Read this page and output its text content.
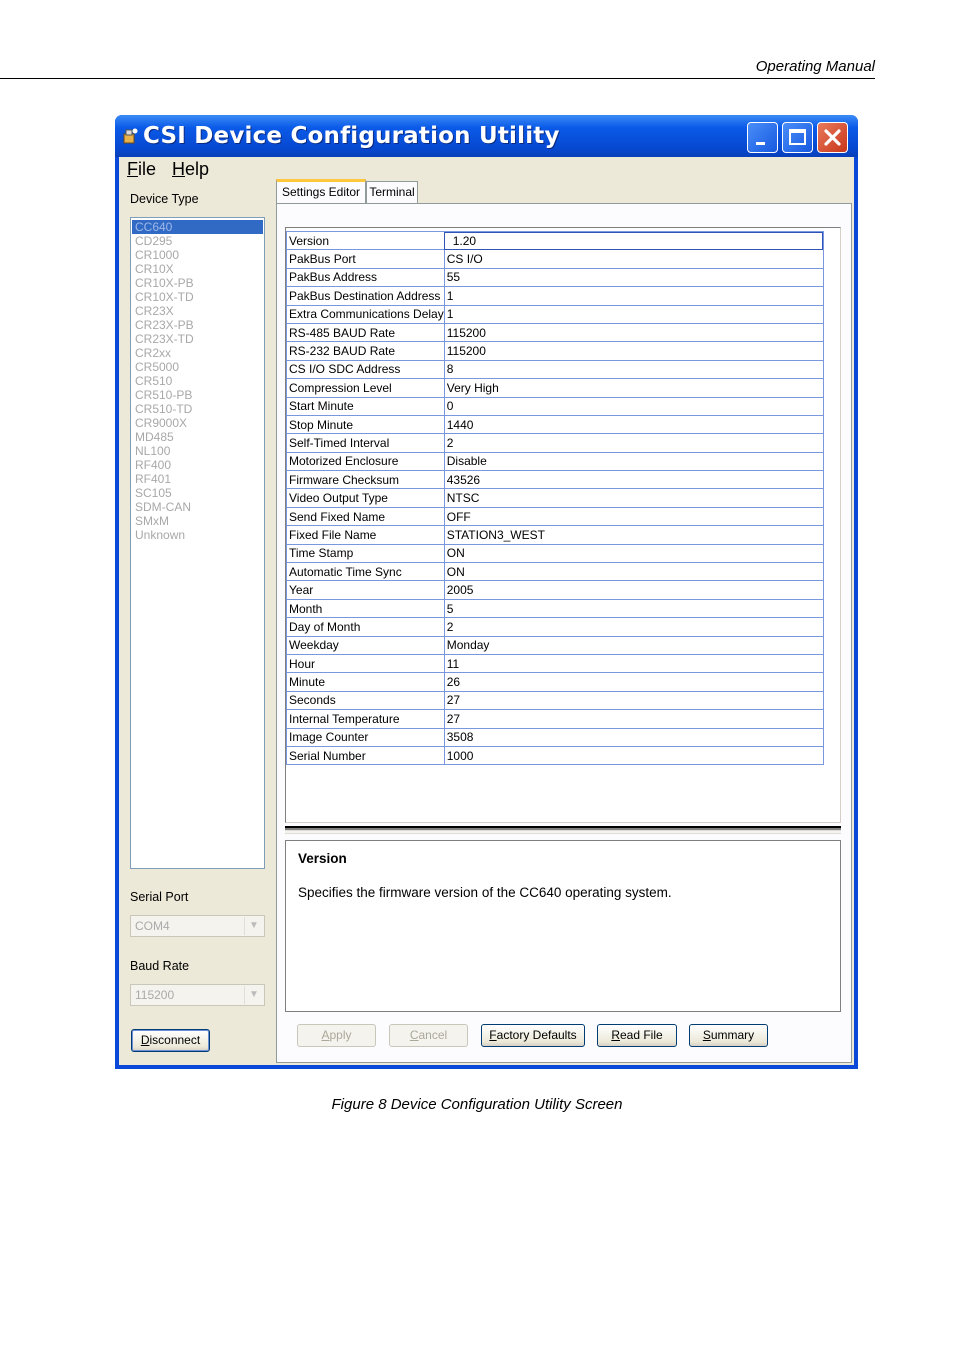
Operating Manual
CSI Device Configuration Utility
File Help
Device Type
CC640
CD295
CR1000
CR10X
CR10X-PB
CR10X-TD
CR23X
CR23X-PB
CR23X-TD
CR2xx
CR5000
CR510
CR510-PB
CR510-TD
CR9000X
MD485
NL100
RF400
RF401
SC105
SDM-CAN
SMxM
Unknown
Serial Port
COM4	▼
Baud Rate
115200	▼
Disconnect
Settings Editor Terminal
Version	1.20
PakBus Port	CS I/O
PakBus Address	55
PakBus Destination Address	1
Extra Communications Delay	1
RS-485 BAUD Rate	115200
RS-232 BAUD Rate	115200
CS I/O SDC Address	8
Compression Level	Very High
Start Minute	0
Stop Minute	1440
Self-Timed Interval	2
Motorized Enclosure	Disable
Firmware Checksum	43526
Video Output Type	NTSC
Send Fixed Name	OFF
Fixed File Name	STATION3_WEST
Time Stamp	ON
Automatic Time Sync	ON
Year	2005
Month	5
Day of Month	2
Weekday	Monday
Hour	11
Minute	26
Seconds	27
Internal Temperature	27
Image Counter	3508
Serial Number	1000
Version
Specifies the firmware version of the CC640 operating system.
Apply	Cancel	Factory Defaults	Read File	Summary
Figure 8 Device Configuration Utility Screen
